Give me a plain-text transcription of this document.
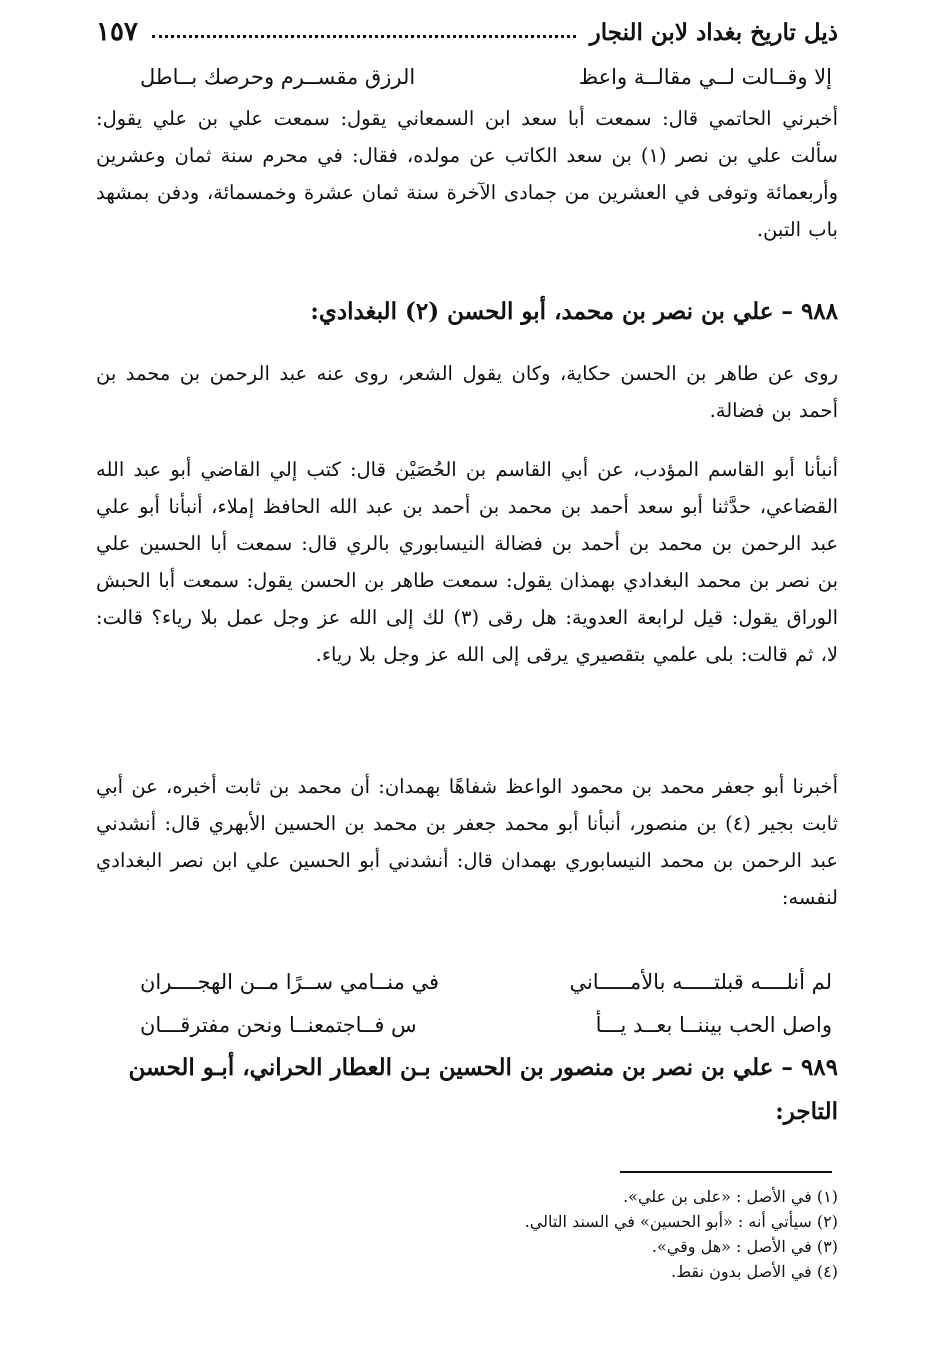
ذيل تاريخ بغداد لابن النجار
١٥٧
إلا وقــالت لــي مقالــة واعظ
الرزق مقســرم وحرصك بــاطل
أخبرني الحاتمي قال: سمعت أبا سعد ابن السمعاني يقول: سمعت علي بن علي يقول: سألت علي بن نصر (١) بن سعد الكاتب عن مولده، فقال: في محرم سنة ثمان وعشرين وأربعمائة وتوفى في العشرين من جمادى الآخرة سنة ثمان عشرة وخمسمائة، ودفن بمشهد باب التبن.
٩٨٨ – علي بن نصر بن محمد، أبو الحسن (٢) البغدادي:
روى عن طاهر بن الحسن حكاية، وكان يقول الشعر، روى عنه عبد الرحمن بن محمد بن أحمد بن فضالة.
أنبأنا أبو القاسم المؤدب، عن أبي القاسم بن الحُصَيْن قال: كتب إلي القاضي أبو عبد الله القضاعي، حدَّثنا أبو سعد أحمد بن محمد بن أحمد بن عبد الله الحافظ إملاء، أنبأنا أبو علي عبد الرحمن بن محمد بن أحمد بن فضالة النيسابوري بالري قال: سمعت أبا الحسين علي بن نصر بن محمد البغدادي بهمذان يقول: سمعت طاهر بن الحسن يقول: سمعت أبا الحبش الوراق يقول: قيل لرابعة العدوية: هل رقى (٣) لك إلى الله عز وجل عمل بلا رياء؟ قالت: لا، ثم قالت: بلى علمي بتقصيري يرقى إلى الله عز وجل بلا رياء.
أخبرنا أبو جعفر محمد بن محمود الواعظ شفاهًا بهمدان: أن محمد بن ثابت أخبره، عن أبي ثابت بجير (٤) بن منصور، أنبأنا أبو محمد جعفر بن محمد بن الحسين الأبهري قال: أنشدني عبد الرحمن بن محمد النيسابوري بهمدان قال: أنشدني أبو الحسين علي ابن نصر البغدادي لنفسه:
لم أنلــــه قبلتـــــه بالأمـــــاني
في منــامي ســرًا مــن الهجــــران
واصل الحب بيننــا بعــد يـــأ
س فــاجتمعنــا ونحن مفترقـــان
٩٨٩ – علي بن نصر بن منصور بن الحسين بـن العطار الحراني، أبـو الحسن التاجر:
(١) في الأصل : «على بن علي».
(٢) سيأتي أنه : «أبو الحسين» في السند التالي.
(٣) في الأصل : «هل وقي».
(٤) في الأصل بدون نقط.
